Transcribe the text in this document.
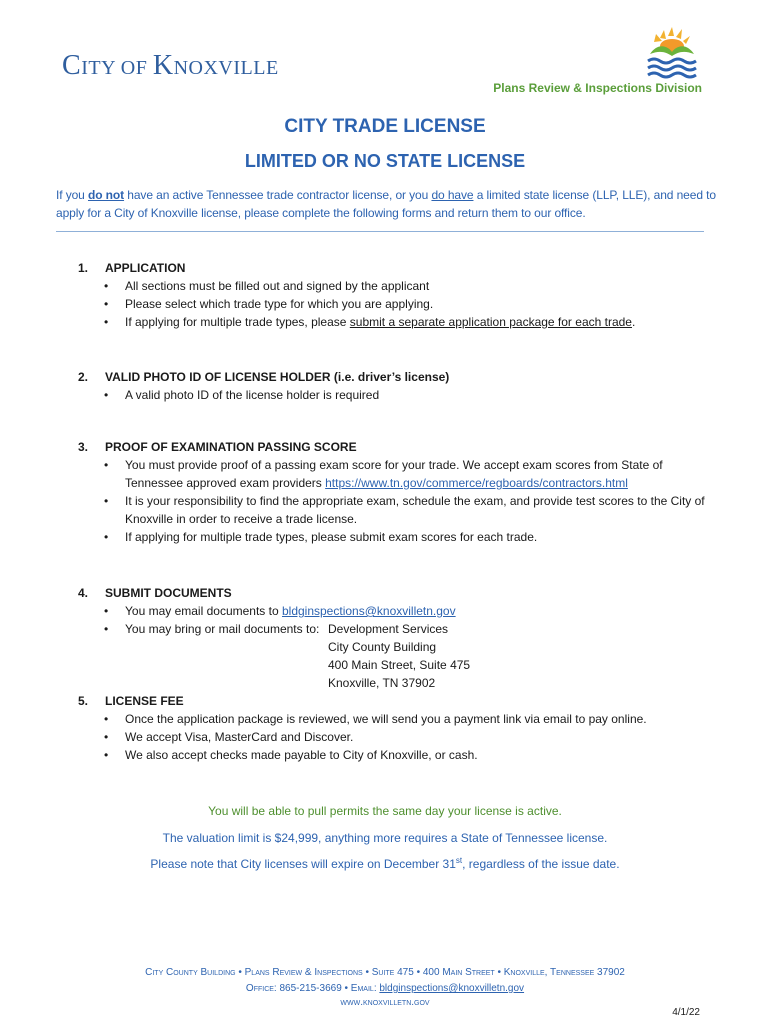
CITY OF KNOXVILLE
Plans Review & Inspections Division
CITY TRADE LICENSE
LIMITED OR NO STATE LICENSE
If you do not have an active Tennessee trade contractor license, or you do have a limited state license (LLP, LLE), and need to apply for a City of Knoxville license, please complete the following forms and return them to our office.
1.	APPLICATION
• All sections must be filled out and signed by the applicant
• Please select which trade type for which you are applying.
• If applying for multiple trade types, please submit a separate application package for each trade.
2.	VALID PHOTO ID OF LICENSE HOLDER (i.e. driver’s license)
• A valid photo ID of the license holder is required
3.	PROOF OF EXAMINATION PASSING SCORE
• You must provide proof of a passing exam score for your trade. We accept exam scores from State of Tennessee approved exam providers https://www.tn.gov/commerce/regboards/contractors.html
• It is your responsibility to find the appropriate exam, schedule the exam, and provide test scores to the City of Knoxville in order to receive a trade license.
• If applying for multiple trade types, please submit exam scores for each trade.
4.	SUBMIT DOCUMENTS
• You may email documents to bldginspections@knoxvilletn.gov
• You may bring or mail documents to: Development Services
City County Building
400 Main Street, Suite 475
Knoxville, TN 37902
5.	LICENSE FEE
• Once the application package is reviewed, we will send you a payment link via email to pay online.
• We accept Visa, MasterCard and Discover.
• We also accept checks made payable to City of Knoxville, or cash.
You will be able to pull permits the same day your license is active.
The valuation limit is $24,999, anything more requires a State of Tennessee license.
Please note that City licenses will expire on December 31st, regardless of the issue date.
City County Building • Plans Review & Inspections • Suite 475 • 400 Main Street • Knoxville, Tennessee 37902
Office: 865-215-3669 • Email: bldginspections@knoxvilletn.gov
www.knoxvilletn.gov
4/1/22
